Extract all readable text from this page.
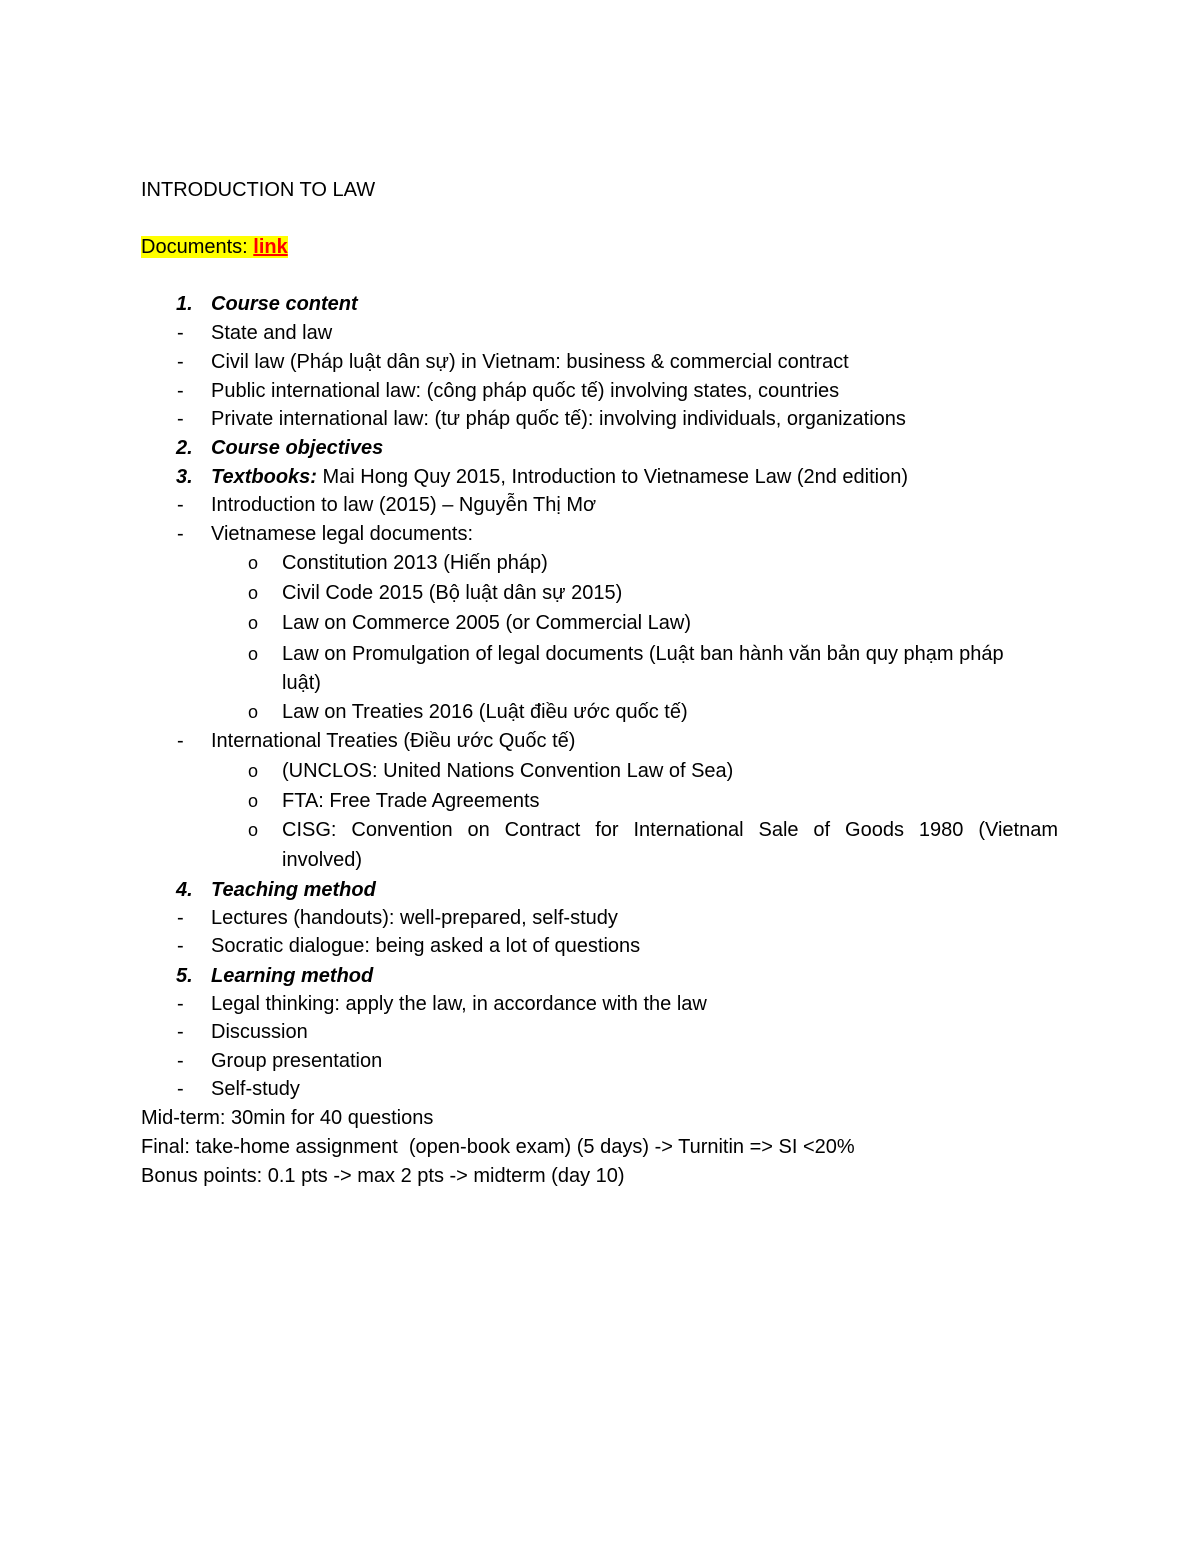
INTRODUCTION TO LAW
Documents: link
1. Course content
- State and law
- Civil law (Pháp luật dân sự) in Vietnam: business & commercial contract
- Public international law: (công pháp quốc tế) involving states, countries
- Private international law: (tư pháp quốc tế): involving individuals, organizations
2. Course objectives
3. Textbooks: Mai Hong Quy 2015, Introduction to Vietnamese Law (2nd edition)
- Introduction to law (2015) – Nguyễn Thị Mơ
- Vietnamese legal documents:
o Constitution 2013 (Hiến pháp)
o Civil Code 2015 (Bộ luật dân sự 2015)
o Law on Commerce 2005 (or Commercial Law)
o Law on Promulgation of legal documents (Luật ban hành văn bản quy phạm pháp
luật)
o Law on Treaties 2016 (Luật điều ước quốc tế)
- International Treaties (Điều ước Quốc tế)
o (UNCLOS: United Nations Convention Law of Sea)
o FTA: Free Trade Agreements
o CISG: Convention on Contract for International Sale of Goods 1980 (Vietnam
involved)
4. Teaching method
- Lectures (handouts): well-prepared, self-study
- Socratic dialogue: being asked a lot of questions
5. Learning method
- Legal thinking: apply the law, in accordance with the law
- Discussion
- Group presentation
- Self-study
Mid-term: 30min for 40 questions
Final: take-home assignment  (open-book exam) (5 days) -> Turnitin => SI <20%
Bonus points: 0.1 pts -> max 2 pts -> midterm (day 10)
